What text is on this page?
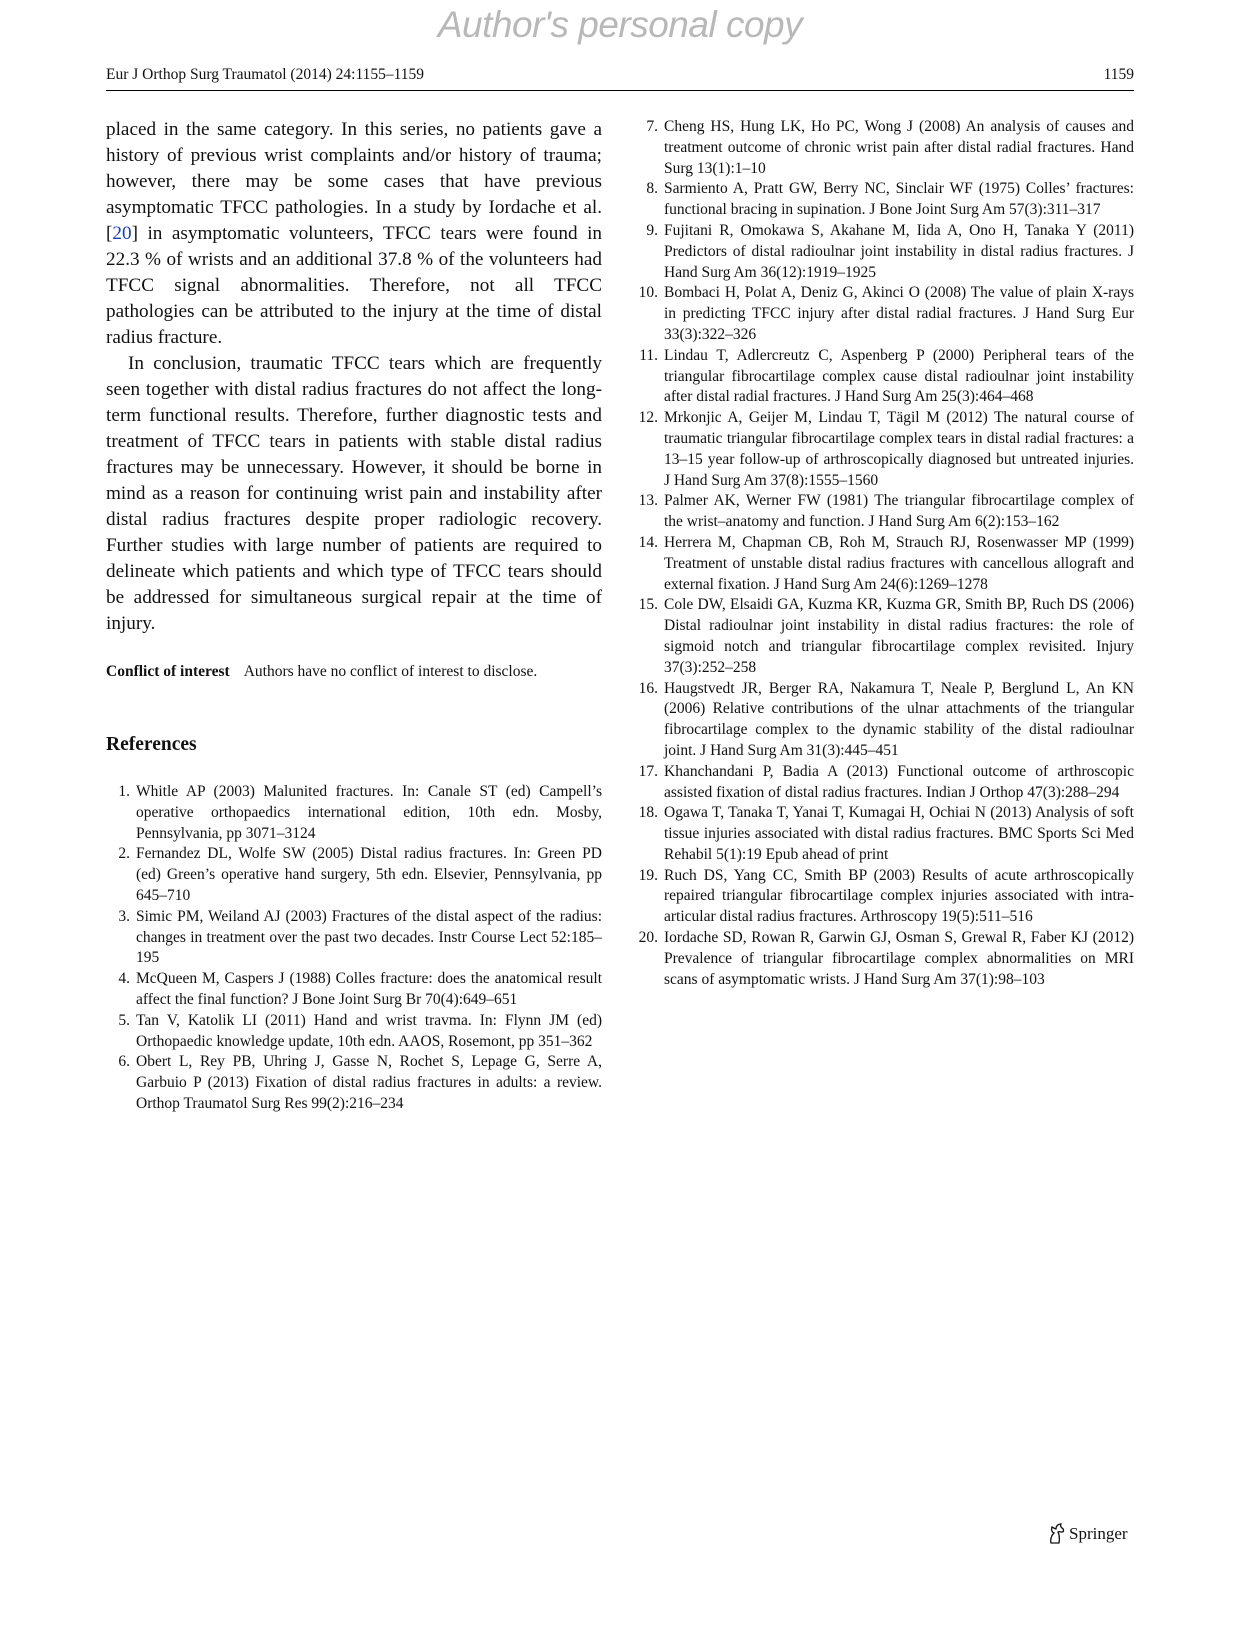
Author's personal copy
Eur J Orthop Surg Traumatol (2014) 24:1155–1159	1159

placed in the same category. In this series, no patients gave a history of previous wrist complaints and/or history of trauma; however, there may be some cases that have previous asymptomatic TFCC pathologies. In a study by Iordache et al. [20] in asymptomatic volunteers, TFCC tears were found in 22.3 % of wrists and an additional 37.8 % of the volunteers had TFCC signal abnormalities. Therefore, not all TFCC pathologies can be attributed to the injury at the time of distal radius fracture.

In conclusion, traumatic TFCC tears which are frequently seen together with distal radius fractures do not affect the long-term functional results. Therefore, further diagnostic tests and treatment of TFCC tears in patients with stable distal radius fractures may be unnecessary. However, it should be borne in mind as a reason for continuing wrist pain and instability after distal radius fractures despite proper radiologic recovery. Further studies with large number of patients are required to delineate which patients and which type of TFCC tears should be addressed for simultaneous surgical repair at the time of injury.

Conflict of interest Authors have no conflict of interest to disclose.
References
1. Whitle AP (2003) Malunited fractures. In: Canale ST (ed) Campell’s operative orthopaedics international edition, 10th edn. Mosby, Pennsylvania, pp 3071–3124
2. Fernandez DL, Wolfe SW (2005) Distal radius fractures. In: Green PD (ed) Green’s operative hand surgery, 5th edn. Elsevier, Pennsylvania, pp 645–710
3. Simic PM, Weiland AJ (2003) Fractures of the distal aspect of the radius: changes in treatment over the past two decades. Instr Course Lect 52:185–195
4. McQueen M, Caspers J (1988) Colles fracture: does the anatomical result affect the final function? J Bone Joint Surg Br 70(4):649–651
5. Tan V, Katolik LI (2011) Hand and wrist travma. In: Flynn JM (ed) Orthopaedic knowledge update, 10th edn. AAOS, Rosemont, pp 351–362
6. Obert L, Rey PB, Uhring J, Gasse N, Rochet S, Lepage G, Serre A, Garbuio P (2013) Fixation of distal radius fractures in adults: a review. Orthop Traumatol Surg Res 99(2):216–234
7. Cheng HS, Hung LK, Ho PC, Wong J (2008) An analysis of causes and treatment outcome of chronic wrist pain after distal radial fractures. Hand Surg 13(1):1–10
8. Sarmiento A, Pratt GW, Berry NC, Sinclair WF (1975) Colles’ fractures: functional bracing in supination. J Bone Joint Surg Am 57(3):311–317
9. Fujitani R, Omokawa S, Akahane M, Iida A, Ono H, Tanaka Y (2011) Predictors of distal radioulnar joint instability in distal radius fractures. J Hand Surg Am 36(12):1919–1925
10. Bombaci H, Polat A, Deniz G, Akinci O (2008) The value of plain X-rays in predicting TFCC injury after distal radial fractures. J Hand Surg Eur 33(3):322–326
11. Lindau T, Adlercreutz C, Aspenberg P (2000) Peripheral tears of the triangular fibrocartilage complex cause distal radioulnar joint instability after distal radial fractures. J Hand Surg Am 25(3):464–468
12. Mrkonjic A, Geijer M, Lindau T, Tägil M (2012) The natural course of traumatic triangular fibrocartilage complex tears in distal radial fractures: a 13–15 year follow-up of arthroscopically diagnosed but untreated injuries. J Hand Surg Am 37(8):1555–1560
13. Palmer AK, Werner FW (1981) The triangular fibrocartilage complex of the wrist–anatomy and function. J Hand Surg Am 6(2):153–162
14. Herrera M, Chapman CB, Roh M, Strauch RJ, Rosenwasser MP (1999) Treatment of unstable distal radius fractures with cancellous allograft and external fixation. J Hand Surg Am 24(6):1269–1278
15. Cole DW, Elsaidi GA, Kuzma KR, Kuzma GR, Smith BP, Ruch DS (2006) Distal radioulnar joint instability in distal radius fractures: the role of sigmoid notch and triangular fibrocartilage complex revisited. Injury 37(3):252–258
16. Haugstvedt JR, Berger RA, Nakamura T, Neale P, Berglund L, An KN (2006) Relative contributions of the ulnar attachments of the triangular fibrocartilage complex to the dynamic stability of the distal radioulnar joint. J Hand Surg Am 31(3):445–451
17. Khanchandani P, Badia A (2013) Functional outcome of arthroscopic assisted fixation of distal radius fractures. Indian J Orthop 47(3):288–294
18. Ogawa T, Tanaka T, Yanai T, Kumagai H, Ochiai N (2013) Analysis of soft tissue injuries associated with distal radius fractures. BMC Sports Sci Med Rehabil 5(1):19 Epub ahead of print
19. Ruch DS, Yang CC, Smith BP (2003) Results of acute arthroscopically repaired triangular fibrocartilage complex injuries associated with intra-articular distal radius fractures. Arthroscopy 19(5):511–516
20. Iordache SD, Rowan R, Garwin GJ, Osman S, Grewal R, Faber KJ (2012) Prevalence of triangular fibrocartilage complex abnormalities on MRI scans of asymptomatic wrists. J Hand Surg Am 37(1):98–103
Springer
